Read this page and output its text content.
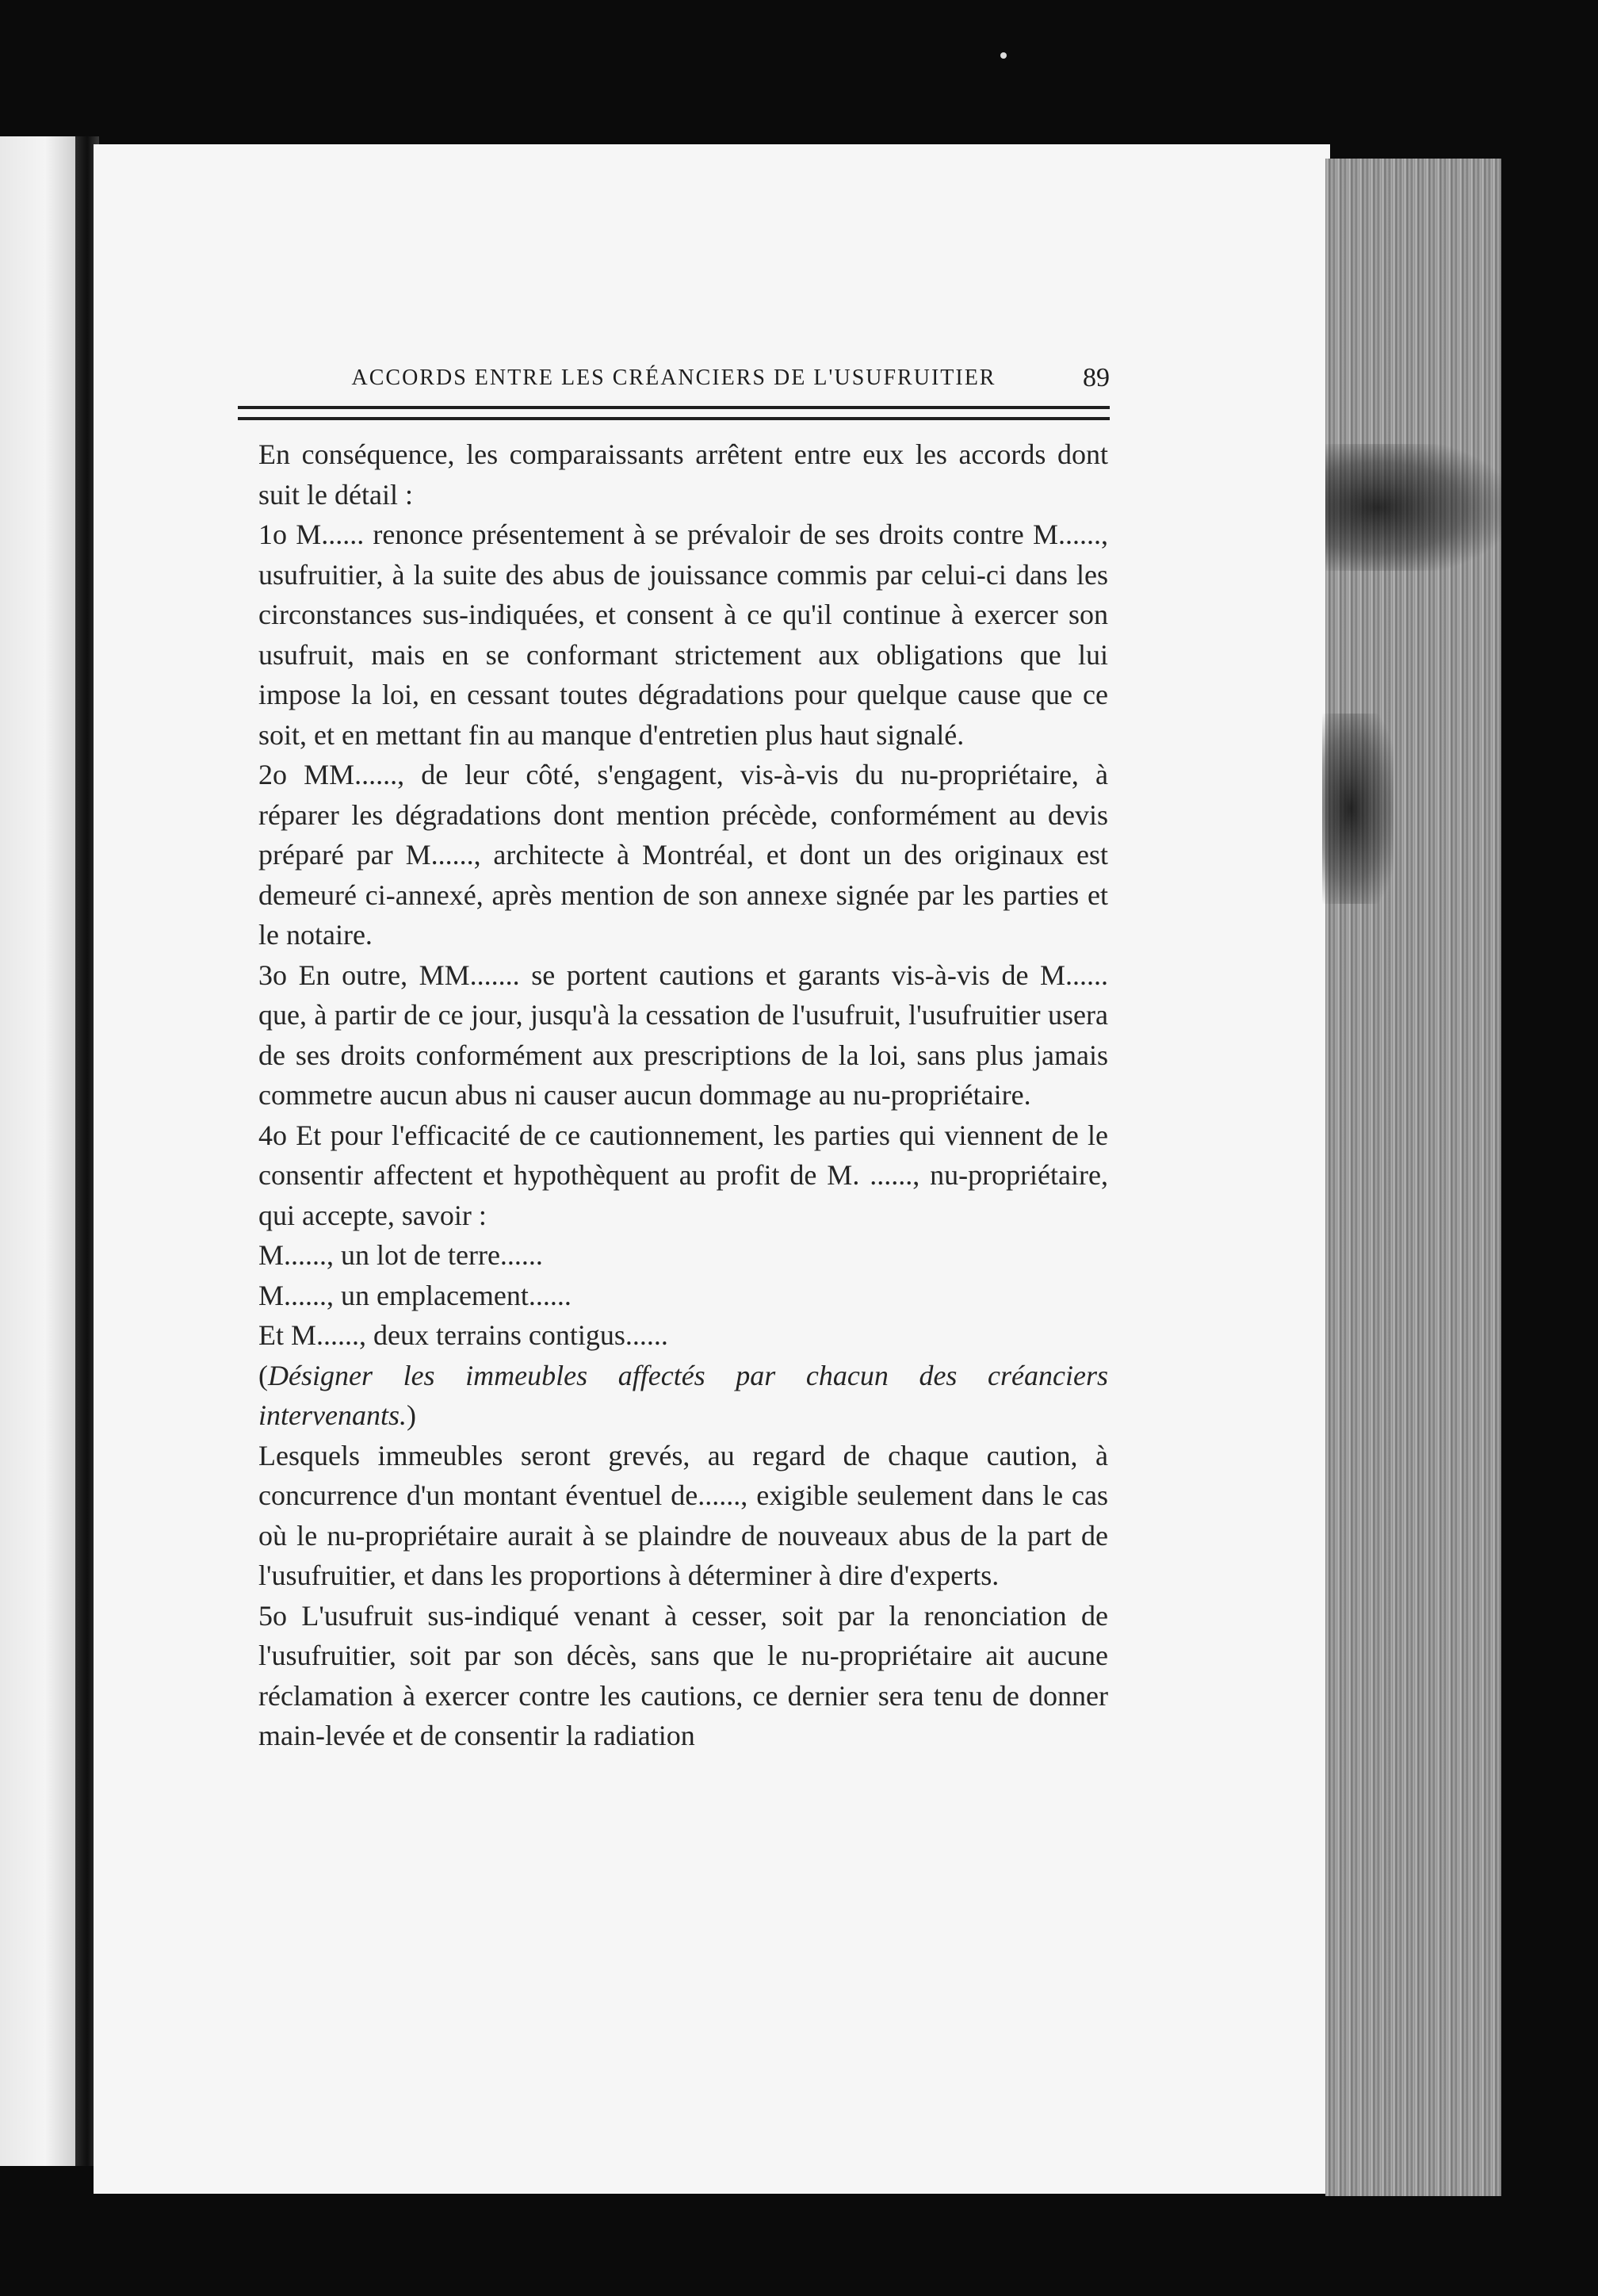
ACCORDS ENTRE LES CRÉANCIERS DE L'USUFRUITIER	89

En conséquence, les comparaissants arrêtent entre eux les accords dont suit le détail :

1o M...... renonce présentement à se prévaloir de ses droits contre M......, usufruitier, à la suite des abus de jouissance commis par celui-ci dans les circonstances sus-indiquées, et consent à ce qu'il continue à exercer son usufruit, mais en se conformant strictement aux obligations que lui impose la loi, en cessant toutes dégradations pour quelque cause que ce soit, et en mettant fin au manque d'entretien plus haut signalé.

2o MM......, de leur côté, s'engagent, vis-à-vis du nu-propriétaire, à réparer les dégradations dont mention précède, conformément au devis préparé par M......, architecte à Montréal, et dont un des originaux est demeuré ci-annexé, après mention de son annexe signée par les parties et le notaire.

3o En outre, MM....... se portent cautions et garants vis-à-vis de M...... que, à partir de ce jour, jusqu'à la cessation de l'usufruit, l'usufruitier usera de ses droits conformément aux prescriptions de la loi, sans plus jamais commetre aucun abus ni causer aucun dommage au nu-propriétaire.

4o Et pour l'efficacité de ce cautionnement, les parties qui viennent de le consentir affectent et hypothèquent au profit de M. ......, nu-propriétaire, qui accepte, savoir :

M......, un lot de terre......

M......, un emplacement......

Et M......, deux terrains contigus......

(Désigner les immeubles affectés par chacun des créanciers intervenants.)

Lesquels immeubles seront grevés, au regard de chaque caution, à concurrence d'un montant éventuel de......, exigible seulement dans le cas où le nu-propriétaire aurait à se plaindre de nouveaux abus de la part de l'usufruitier, et dans les proportions à déterminer à dire d'experts.

5o L'usufruit sus-indiqué venant à cesser, soit par la renonciation de l'usufruitier, soit par son décès, sans que le nu-propriétaire ait aucune réclamation à exercer contre les cautions, ce dernier sera tenu de donner main-levée et de consentir la radiation
